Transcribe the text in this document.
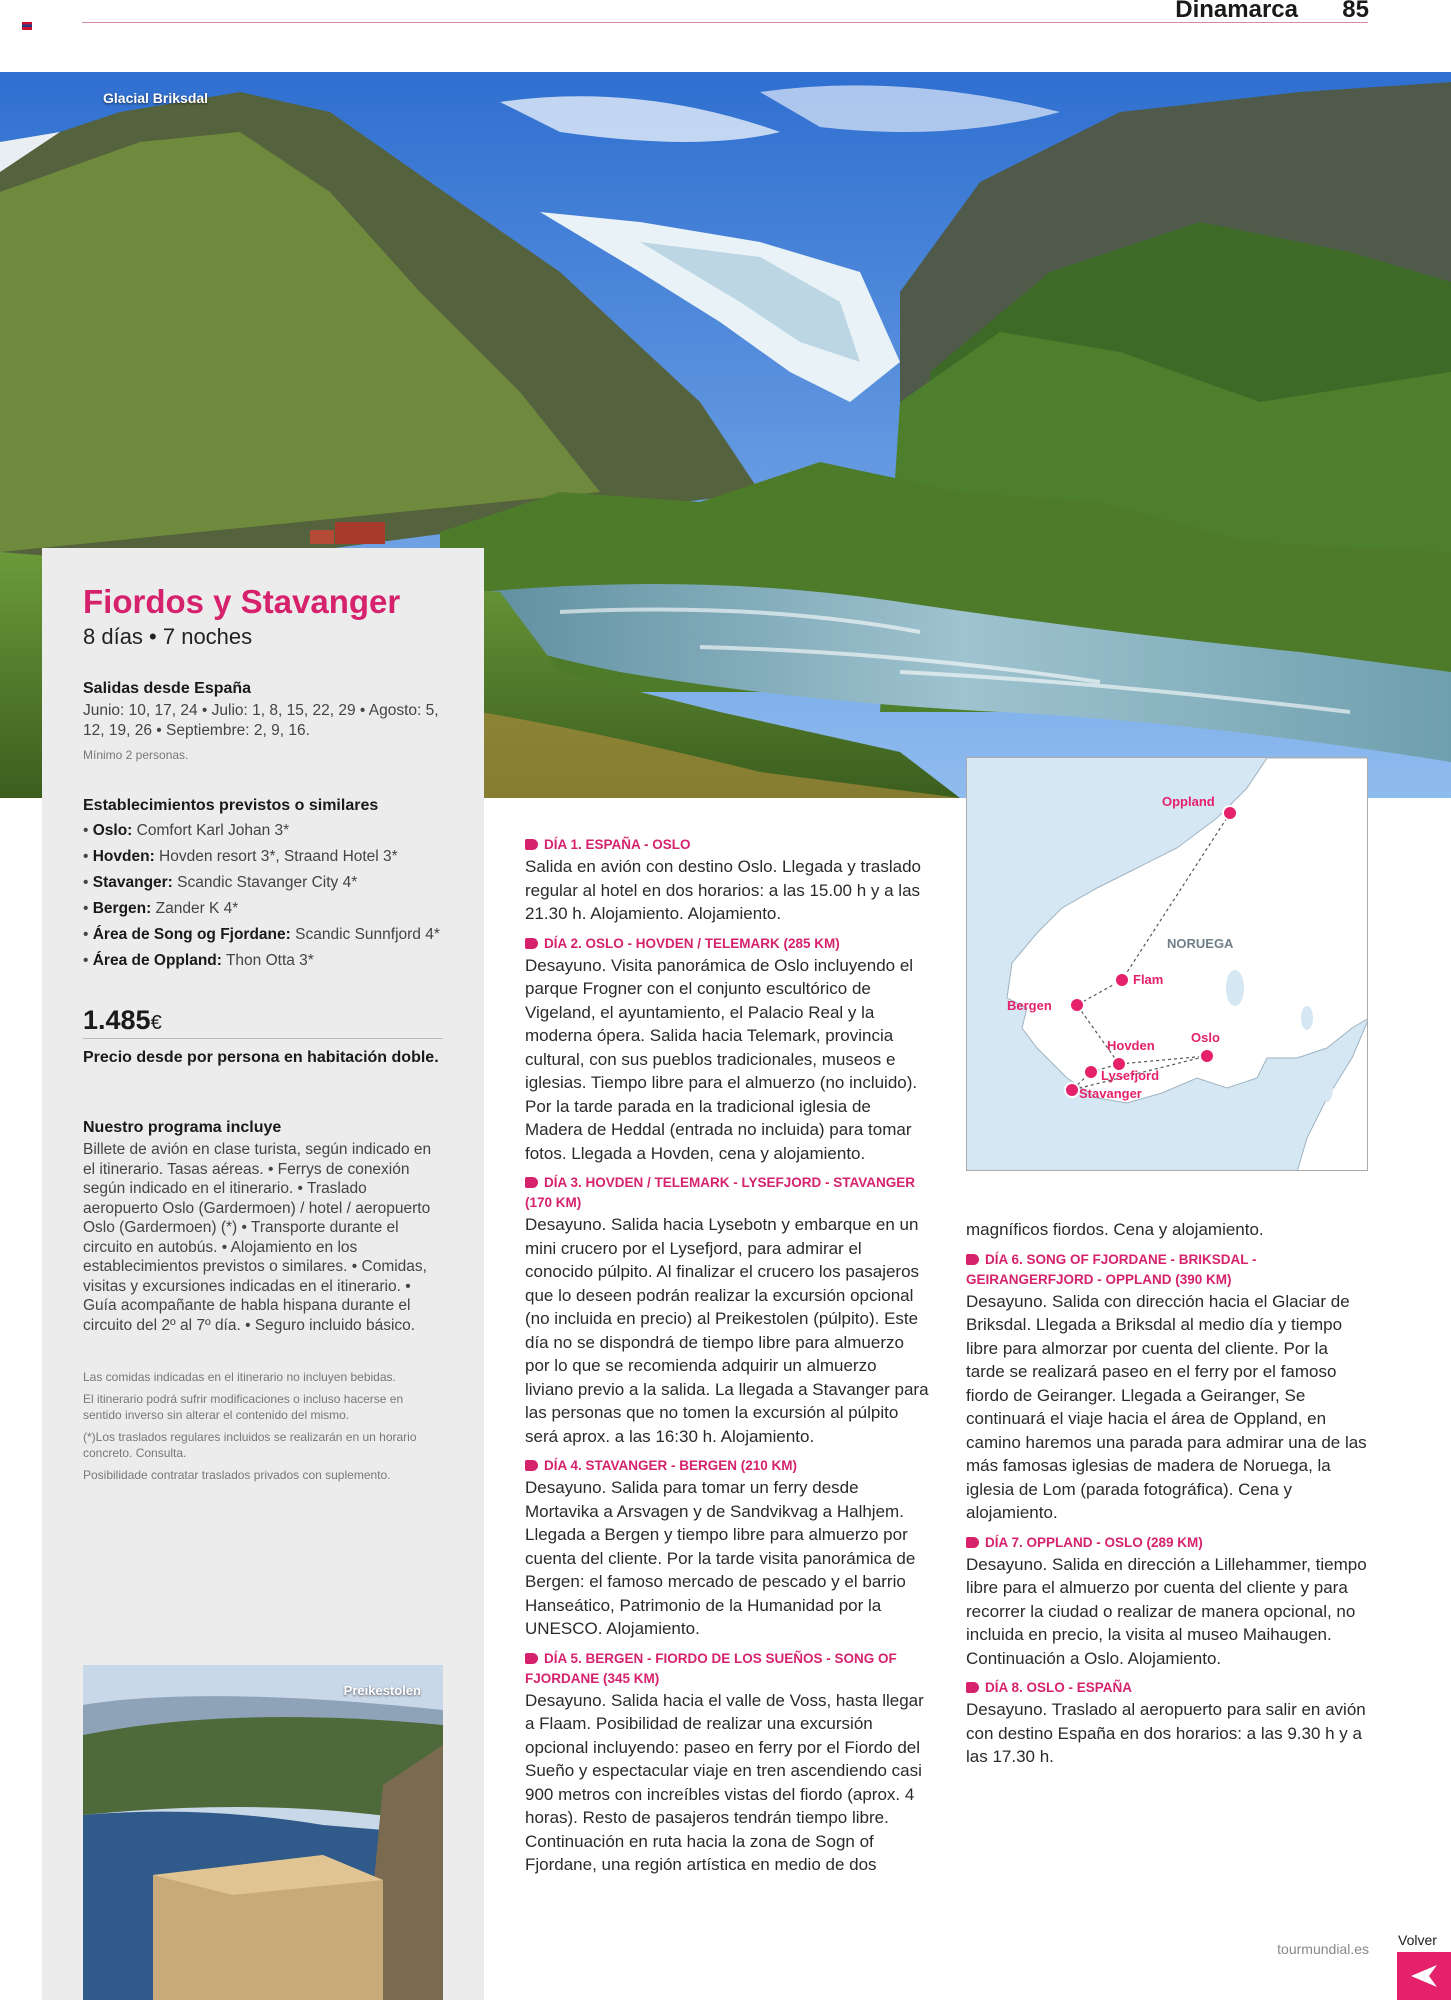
Dinamarca 85
Glacial Briksdal
Fiordos y Stavanger
8 días • 7 noches
Salidas desde España
Junio: 10, 17, 24 • Julio: 1, 8, 15, 22, 29 • Agosto: 5, 12, 19, 26 • Septiembre: 2, 9, 16.
Mínimo 2 personas.
Establecimientos previstos o similares
• Oslo: Comfort Karl Johan 3*
• Hovden: Hovden resort 3*, Straand Hotel 3*
• Stavanger: Scandic Stavanger City 4*
• Bergen: Zander K 4*
• Área de Song og Fjordane: Scandic Sunnfjord 4*
• Área de Oppland: Thon Otta 3*
1.485 €
Precio desde por persona en habitación doble.
Nuestro programa incluye
Billete de avión en clase turista, según indicado en el itinerario. Tasas aéreas. • Ferrys de conexión según indicado en el itinerario. • Traslado aeropuerto Oslo (Gardermoen) / hotel / aeropuerto Oslo (Gardermoen) (*) • Transporte durante el circuito en autobús. • Alojamiento en los establecimientos previstos o similares. • Comidas, visitas y excursiones indicadas en el itinerario. • Guía acompañante de habla hispana durante el circuito del 2º al 7º día. • Seguro incluido básico.

Las comidas indicadas en el itinerario no incluyen bebidas.

El itinerario podrá sufrir modificaciones o incluso hacerse en sentido inverso sin alterar el contenido del mismo.

(*)Los traslados regulares incluidos se realizarán en un horario concreto. Consulta.

Posibilidade contratar traslados privados con suplemento.

Preikestolen
DÍA 1. ESPAÑA - OSLO
Salida en avión con destino Oslo. Llegada y traslado regular al hotel en dos horarios: a las 15.00 h y a las 21.30 h. Alojamiento. Alojamiento.
DÍA 2. OSLO - HOVDEN / TELEMARK (285 KM)
Desayuno. Visita panorámica de Oslo incluyendo el parque Frogner con el conjunto escultórico de Vigeland, el ayuntamiento, el Palacio Real y la moderna ópera. Salida hacia Telemark, provincia cultural, con sus pueblos tradicionales, museos e iglesias. Tiempo libre para el almuerzo (no incluido). Por la tarde parada en la tradicional iglesia de Madera de Heddal (entrada no incluida) para tomar fotos. Llegada a Hovden, cena y alojamiento.
DÍA 3. HOVDEN / TELEMARK - LYSEFJORD - STAVANGER (170 KM)
Desayuno. Salida hacia Lysebotn y embarque en un mini crucero por el Lysefjord, para admirar el conocido púlpito. Al finalizar el crucero los pasajeros que lo deseen podrán realizar la excursión opcional (no incluida en precio) al Preikestolen (púlpito). Este día no se dispondrá de tiempo libre para almuerzo por lo que se recomienda adquirir un almuerzo liviano previo a la salida. La llegada a Stavanger para las personas que no tomen la excursión al púlpito será aprox. a las 16:30 h. Alojamiento.
DÍA 4. STAVANGER - BERGEN (210 KM)
Desayuno. Salida para tomar un ferry desde Mortavika a Arsvagen y de Sandvikvag a Halhjem. Llegada a Bergen y tiempo libre para almuerzo por cuenta del cliente. Por la tarde visita panorámica de Bergen: el famoso mercado de pescado y el barrio Hanseático, Patrimonio de la Humanidad por la UNESCO. Alojamiento.
DÍA 5. BERGEN - FIORDO DE LOS SUEÑOS - SONG OF FJORDANE (345 KM)
Desayuno. Salida hacia el valle de Voss, hasta llegar a Flaam. Posibilidad de realizar una excursión opcional incluyendo: paseo en ferry por el Fiordo del Sueño y espectacular viaje en tren ascendiendo casi 900 metros con increíbles vistas del fiordo (aprox. 4 horas). Resto de pasajeros tendrán tiempo libre. Continuación en ruta hacia la zona de Sogn of Fjordane, una región artística en medio de dos
Oppland
Flam
Bergen
Hovden
Oslo
Lysefjord
Stavanger
NORUEGA
magníficos fiordos. Cena y alojamiento.
DÍA 6. SONG OF FJORDANE - BRIKSDAL - GEIRANGERFJORD - OPPLAND (390 KM)
Desayuno. Salida con dirección hacia el Glaciar de Briksdal. Llegada a Briksdal al medio día y tiempo libre para almorzar por cuenta del cliente. Por la tarde se realizará paseo en el ferry por el famoso fiordo de Geiranger. Llegada a Geiranger, Se continuará el viaje hacia el área de Oppland, en camino haremos una parada para admirar una de las más famosas iglesias de madera de Noruega, la iglesia de Lom (parada fotográfica). Cena y alojamiento.
DÍA 7. OPPLAND - OSLO (289 KM)
Desayuno. Salida en dirección a Lillehammer, tiempo libre para el almuerzo por cuenta del cliente y para recorrer la ciudad o realizar de manera opcional, no incluida en precio, la visita al museo Maihaugen. Continuación a Oslo. Alojamiento.
DÍA 8. OSLO - ESPAÑA
Desayuno. Traslado al aeropuerto para salir en avión con destino España en dos horarios: a las 9.30 h y a las 17.30 h.
tourmundial.es
Volver
